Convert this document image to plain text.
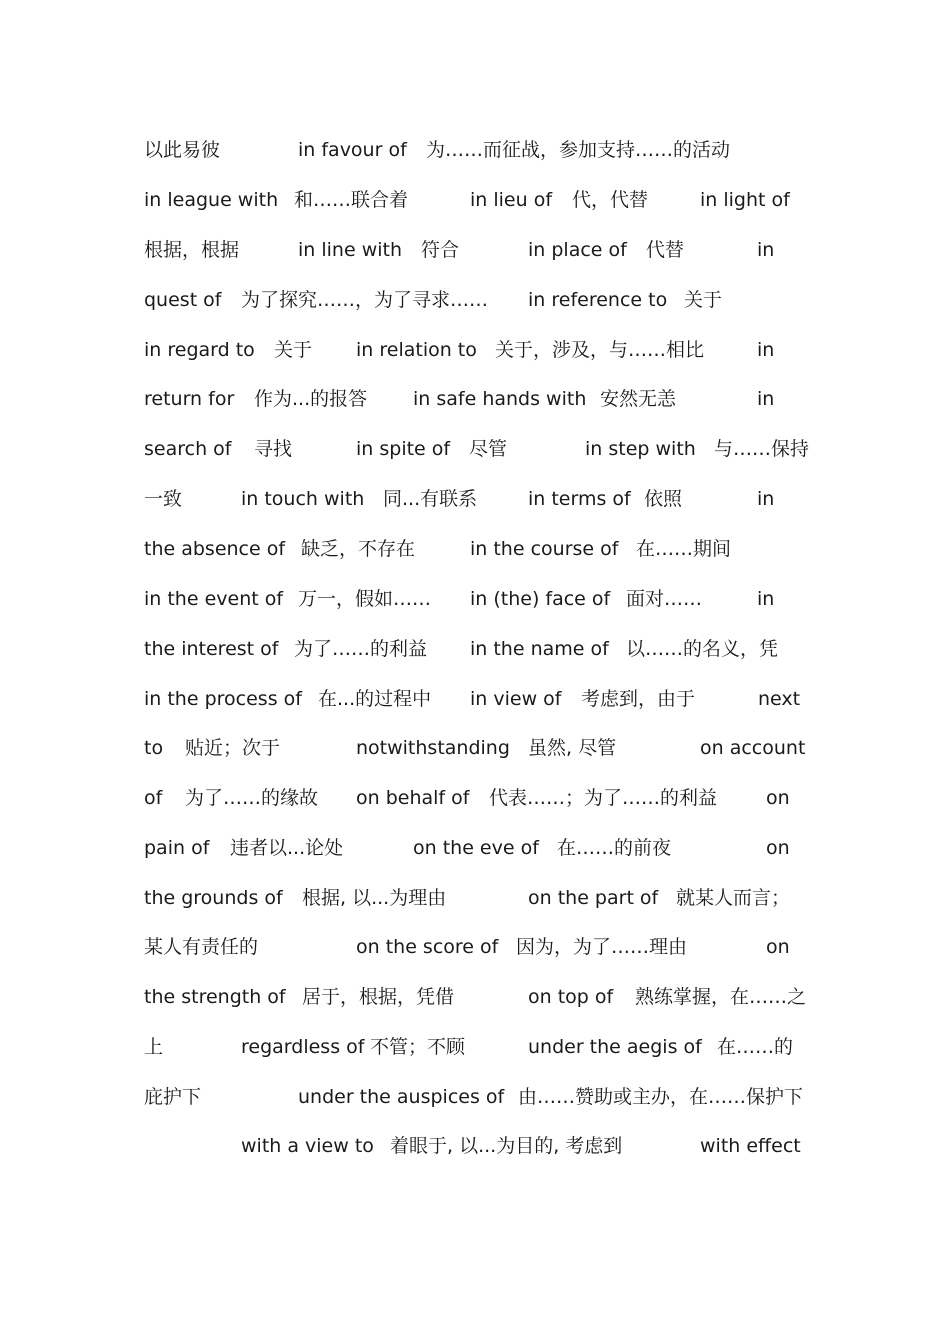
以此易彼	in favour of 为……而征战，参加支持……的活动
in league with 和……联合着	in lieu of 代，代替	in light of
根据，根据	in line with 符合	in place of 代替	in
quest of 为了探究……，为了寻求…… in reference to 关于
in regard to 关于 in relation to 关于，涉及，与……相比	in
return for 作为...的报答 in safe hands with 安然无恙	in
search of 寻找	in spite of 尽管	in step with 与……保持
一致	in touch with 同...有联系	in terms of 依照	in
the absence of 缺乏，不存在	in the course of 在……期间
in the event of 万一，假如…… in (the) face of 面对……	in
the interest of 为了……的利益 in the name of 以……的名义，凭
in the process of 在...的过程中 in view of 考虑到，由于	next
to 贴近；次于	notwithstanding 虽然, 尽管	on account
of 为了……的缘故 on behalf of 代表……；为了……的利益	on
pain of 违者以...论处	on the eve of 在……的前夜	on
the grounds of 根据, 以...为理由	on the part of 就某人而言；
某人有责任的	on the score of 因为，为了……理由	on
the strength of 居于，根据，凭借	on top of 熟练掌握，在……之
上	regardless of 不管；不顾	under the aegis of 在……的
庇护下	under the auspices of 由……赞助或主办，在……保护下
with a view to 着眼于, 以...为目的, 考虑到	with effect
